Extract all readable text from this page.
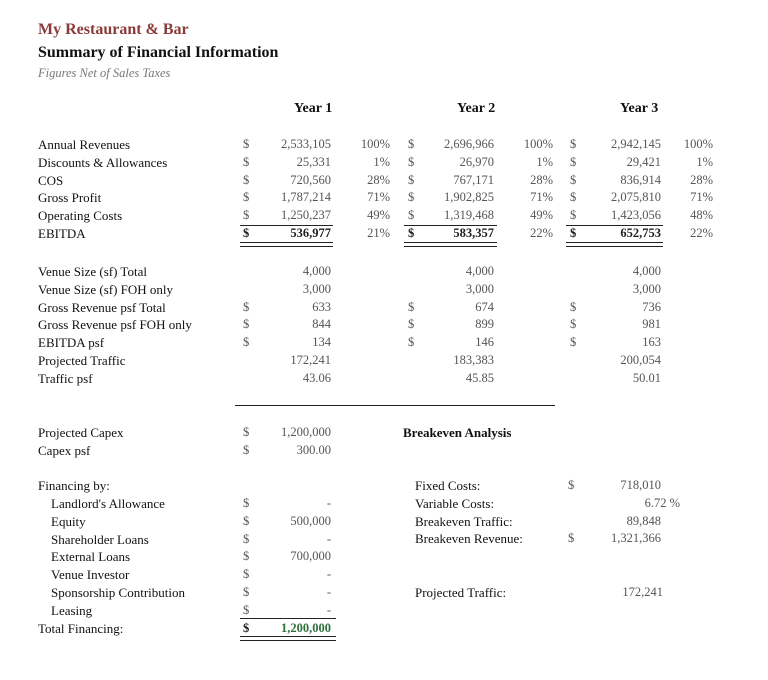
My Restaurant & Bar
Summary of Financial Information
Figures Net of Sales Taxes
Year 1	Year 2	Year 3
Annual Revenues	$	2,533,105	100% $	2,696,966	100% $	2,942,145	100%
Discounts & Allowances	$	25,331	1% $	26,970	1% $	29,421	1%
COS	$	720,560	28% $	767,171	28% $	836,914	28%
Gross Profit	$	1,787,214	71% $	1,902,825	71% $	2,075,810	71%
Operating Costs	$	1,250,237	49% $	1,319,468	49% $	1,423,056	48%
EBITDA	$	536,977	21% $	583,357	22% $	652,753	22%
Venue Size (sf) Total	4,000	4,000	4,000
Venue Size (sf) FOH only	3,000	3,000	3,000
Gross Revenue psf Total	$	633	$	674	$	736
Gross Revenue psf FOH only	$	844	$	899	$	981
EBITDA psf	$	134	$	146	$	163
Projected Traffic	172,241	183,383	200,054
Traffic psf	43.06	45.85	50.01
Projected Capex	$	1,200,000
Capex psf	$	300.00
Financing by:
Landlord's Allowance	$	-
Equity	$	500,000
Shareholder Loans	$	-
External Loans	$	700,000
Venue Investor	$	-
Sponsorship Contribution	$	-
Leasing	$	-
Total Financing:	$	1,200,000
Breakeven Analysis
Fixed Costs:	$	718,010
Variable Costs:	6.72 %
Breakeven Traffic:	89,848
Breakeven Revenue:	$	1,321,366
Projected Traffic:	172,241
